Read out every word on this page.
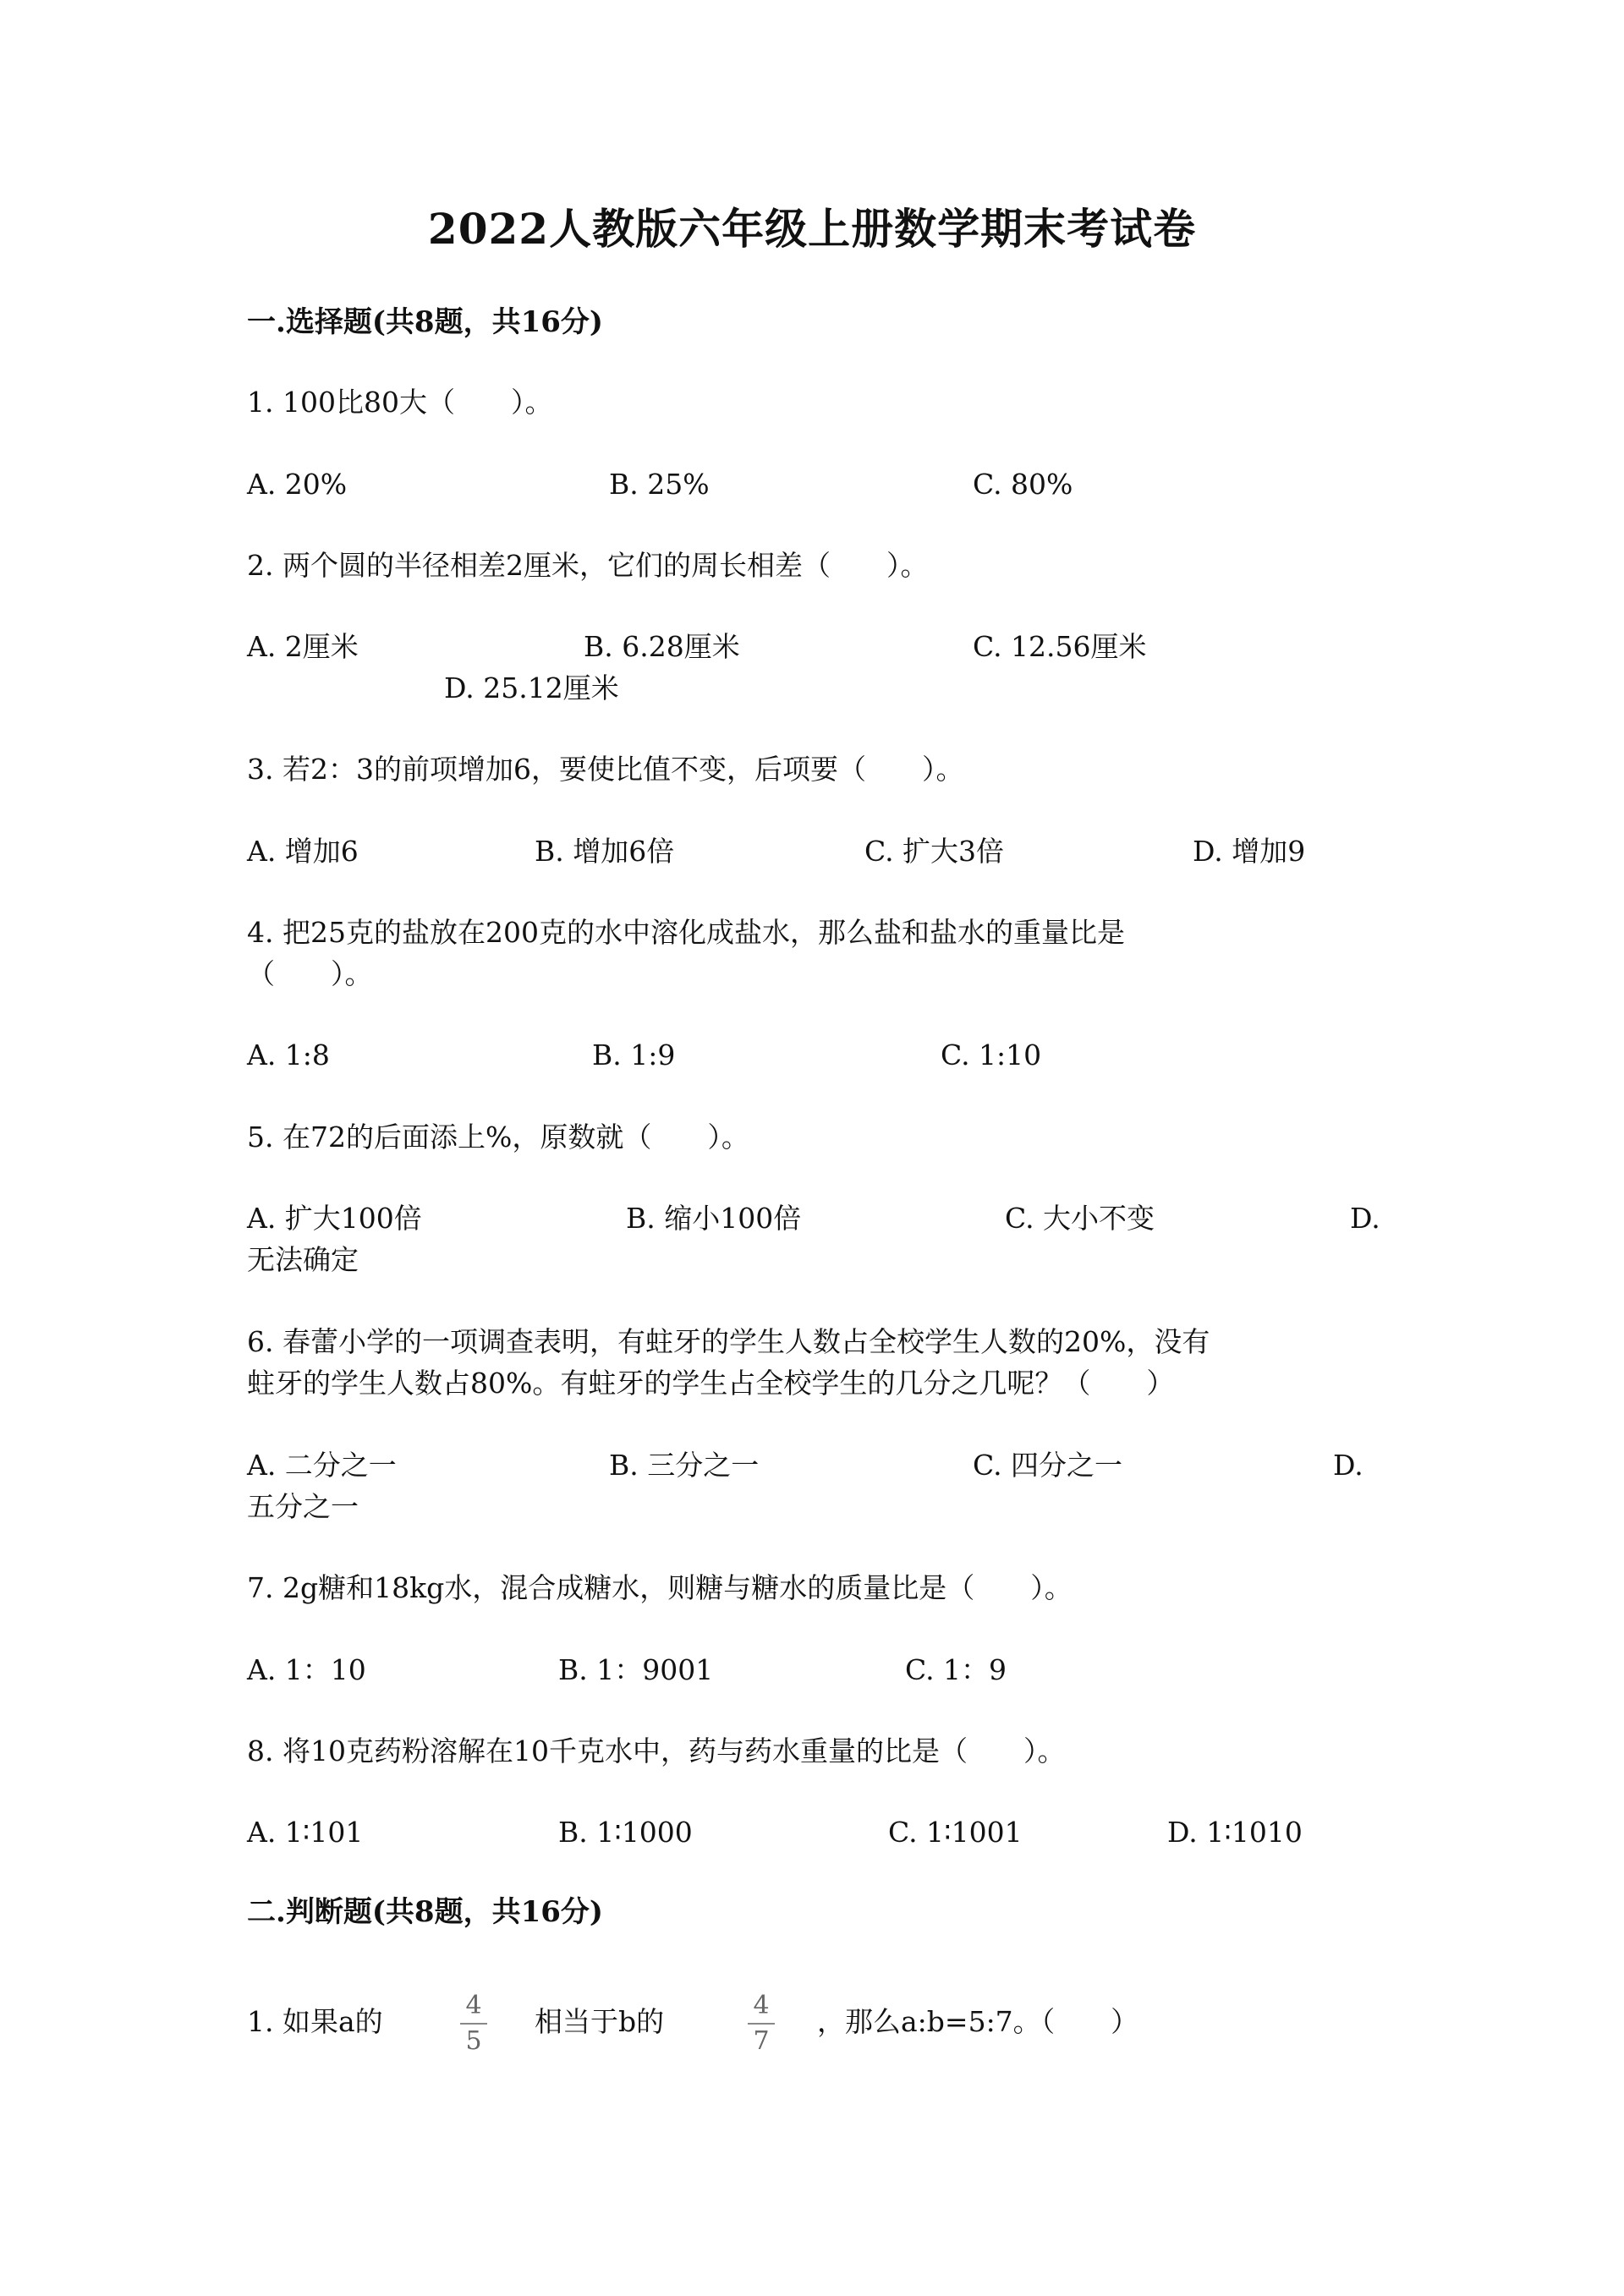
2022人教版六年级上册数学期末考试卷
一.选择题(共8题，共16分)
1. 100比80大（　　）。
A. 20%	B. 25%	C. 80%
2. 两个圆的半径相差2厘米，它们的周长相差（　　）。
A. 2厘米	B. 6.28厘米	C. 12.56厘米
D. 25.12厘米
3. 若2：3的前项增加6，要使比值不变，后项要（　　）。
A. 增加6	B. 增加6倍	C. 扩大3倍	D. 增加9
4. 把25克的盐放在200克的水中溶化成盐水，那么盐和盐水的重量比是
（　　）。
A. 1:8	B. 1:9	C. 1:10
5. 在72的后面添上%，原数就（　　）。
A. 扩大100倍	B. 缩小100倍	C. 大小不变	D.
无法确定
6. 春蕾小学的一项调查表明，有蛀牙的学生人数占全校学生人数的20%，没有
蛀牙的学生人数占80%。有蛀牙的学生占全校学生的几分之几呢？（　　）
A. 二分之一	B. 三分之一	C. 四分之一	D.
五分之一
7. 2g糖和18kg水，混合成糖水，则糖与糖水的质量比是（　　）。
A. 1：10	B. 1：9001	C. 1：9
8. 将10克药粉溶解在10千克水中，药与药水重量的比是（　　）。
A. 1∶101	B. 1∶1000	C. 1∶1001	D. 1∶1010
二.判断题(共8题，共16分)
1. 如果a的	4
5
相当于b的	4
7
，那么a:b=5:7。（　　）
